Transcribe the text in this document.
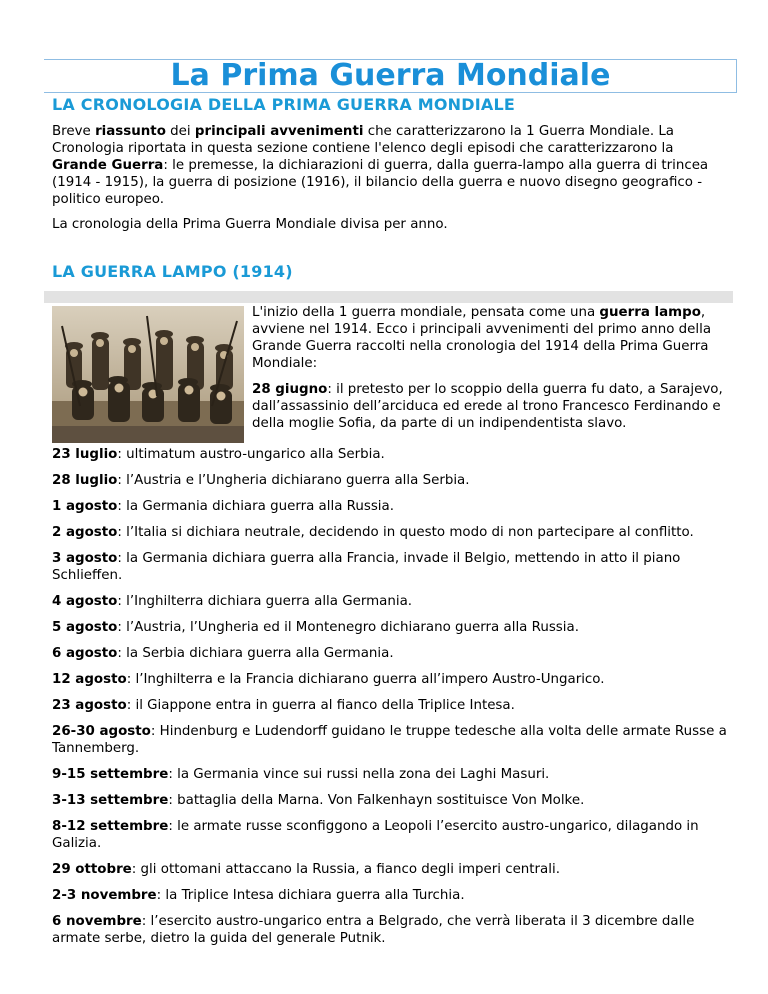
La Prima Guerra Mondiale
LA CRONOLOGIA DELLA PRIMA GUERRA MONDIALE

Breve riassunto dei principali avvenimenti che caratterizzarono la 1 Guerra Mondiale. La Cronologia riportata in questa sezione contiene l'elenco degli episodi che caratterizzarono la Grande Guerra: le premesse, la dichiarazioni di guerra, dalla guerra-lampo alla guerra di trincea (1914 - 1915), la guerra di posizione (1916), il bilancio della guerra e nuovo disegno geografico - politico europeo.

La cronologia della Prima Guerra Mondiale divisa per anno.

LA GUERRA LAMPO (1914)

L'inizio della 1 guerra mondiale, pensata come una guerra lampo, avviene nel 1914. Ecco i principali avvenimenti del primo anno della Grande Guerra raccolti nella cronologia del 1914 della Prima Guerra Mondiale:

28 giugno: il pretesto per lo scoppio della guerra fu dato, a Sarajevo, dall’assassinio dell’arciduca ed erede al trono Francesco Ferdinando e della moglie Sofia, da parte di un indipendentista slavo.

23 luglio: ultimatum austro-ungarico alla Serbia.

28 luglio: l’Austria e l’Ungheria dichiarano guerra alla Serbia.

1 agosto: la Germania dichiara guerra alla Russia.

2 agosto: l’Italia si dichiara neutrale, decidendo in questo modo di non partecipare al conflitto.

3 agosto: la Germania dichiara guerra alla Francia, invade il Belgio, mettendo in atto il piano Schlieffen.

4 agosto: l’Inghilterra dichiara guerra alla Germania.

5 agosto: l’Austria, l’Ungheria ed il Montenegro dichiarano guerra alla Russia.

6 agosto: la Serbia dichiara guerra alla Germania.

12 agosto: l’Inghilterra e la Francia dichiarano guerra all’impero Austro-Ungarico.

23 agosto: il Giappone entra in guerra al fianco della Triplice Intesa.

26-30 agosto: Hindenburg e Ludendorff guidano le truppe tedesche alla volta delle armate Russe a Tannemberg.

9-15 settembre: la Germania vince sui russi nella zona dei Laghi Masuri.

3-13 settembre: battaglia della Marna. Von Falkenhayn sostituisce Von Molke.

8-12 settembre: le armate russe sconfiggono a Leopoli l’esercito austro-ungarico, dilagando in Galizia.

29 ottobre: gli ottomani attaccano la Russia, a fianco degli imperi centrali.

2-3 novembre: la Triplice Intesa dichiara guerra alla Turchia.

6 novembre: l’esercito austro-ungarico entra a Belgrado, che verrà liberata il 3 dicembre dalle armate serbe, dietro la guida del generale Putnik.
